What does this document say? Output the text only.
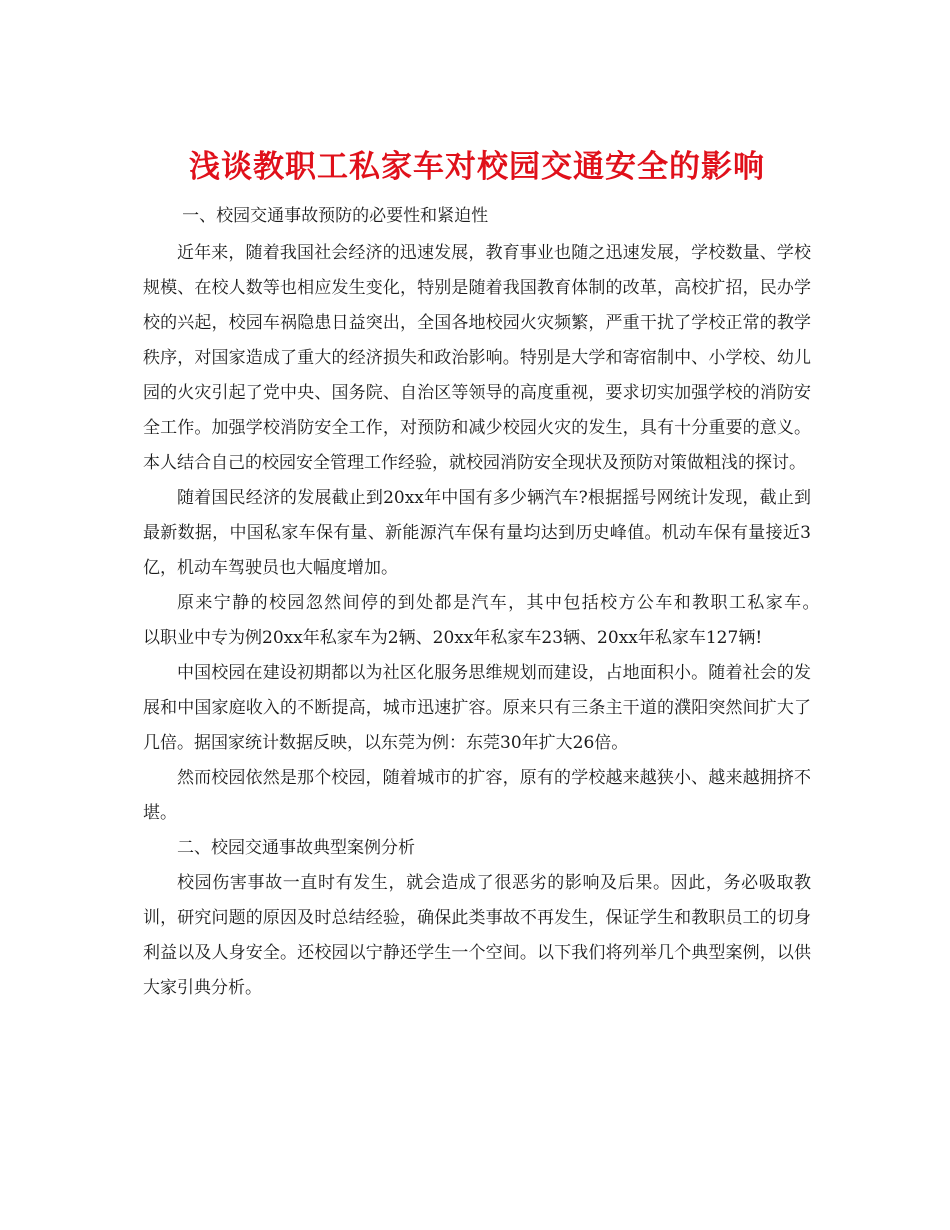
浅谈教职工私家车对校园交通安全的影响

一、校园交通事故预防的必要性和紧迫性

近年来，随着我国社会经济的迅速发展，教育事业也随之迅速发展，学校数量、学校规模、在校人数等也相应发生变化，特别是随着我国教育体制的改革，高校扩招，民办学校的兴起，校园车祸隐患日益突出，全国各地校园火灾频繁，严重干扰了学校正常的教学秩序，对国家造成了重大的经济损失和政治影响。特别是大学和寄宿制中、小学校、幼儿园的火灾引起了党中央、国务院、自治区等领导的高度重视，要求切实加强学校的消防安全工作。加强学校消防安全工作，对预防和减少校园火灾的发生，具有十分重要的意义。本人结合自己的校园安全管理工作经验，就校园消防安全现状及预防对策做粗浅的探讨。

随着国民经济的发展截止到20xx年中国有多少辆汽车?根据摇号网统计发现，截止到最新数据，中国私家车保有量、新能源汽车保有量均达到历史峰值。机动车保有量接近3亿，机动车驾驶员也大幅度增加。

原来宁静的校园忽然间停的到处都是汽车，其中包括校方公车和教职工私家车。　　以职业中专为例20xx年私家车为2辆、20xx年私家车23辆、20xx年私家车127辆!

中国校园在建设初期都以为社区化服务思维规划而建设，占地面积小。随着社会的发展和中国家庭收入的不断提高，城市迅速扩容。原来只有三条主干道的濮阳突然间扩大了几倍。据国家统计数据反映，以东莞为例：东莞30年扩大26倍。

然而校园依然是那个校园，随着城市的扩容，原有的学校越来越狭小、越来越拥挤不堪。

二、校园交通事故典型案例分析

校园伤害事故一直时有发生，就会造成了很恶劣的影响及后果。因此，务必吸取教训，研究问题的原因及时总结经验，确保此类事故不再发生，保证学生和教职员工的切身利益以及人身安全。还校园以宁静还学生一个空间。以下我们将列举几个典型案例，以供大家引典分析。
